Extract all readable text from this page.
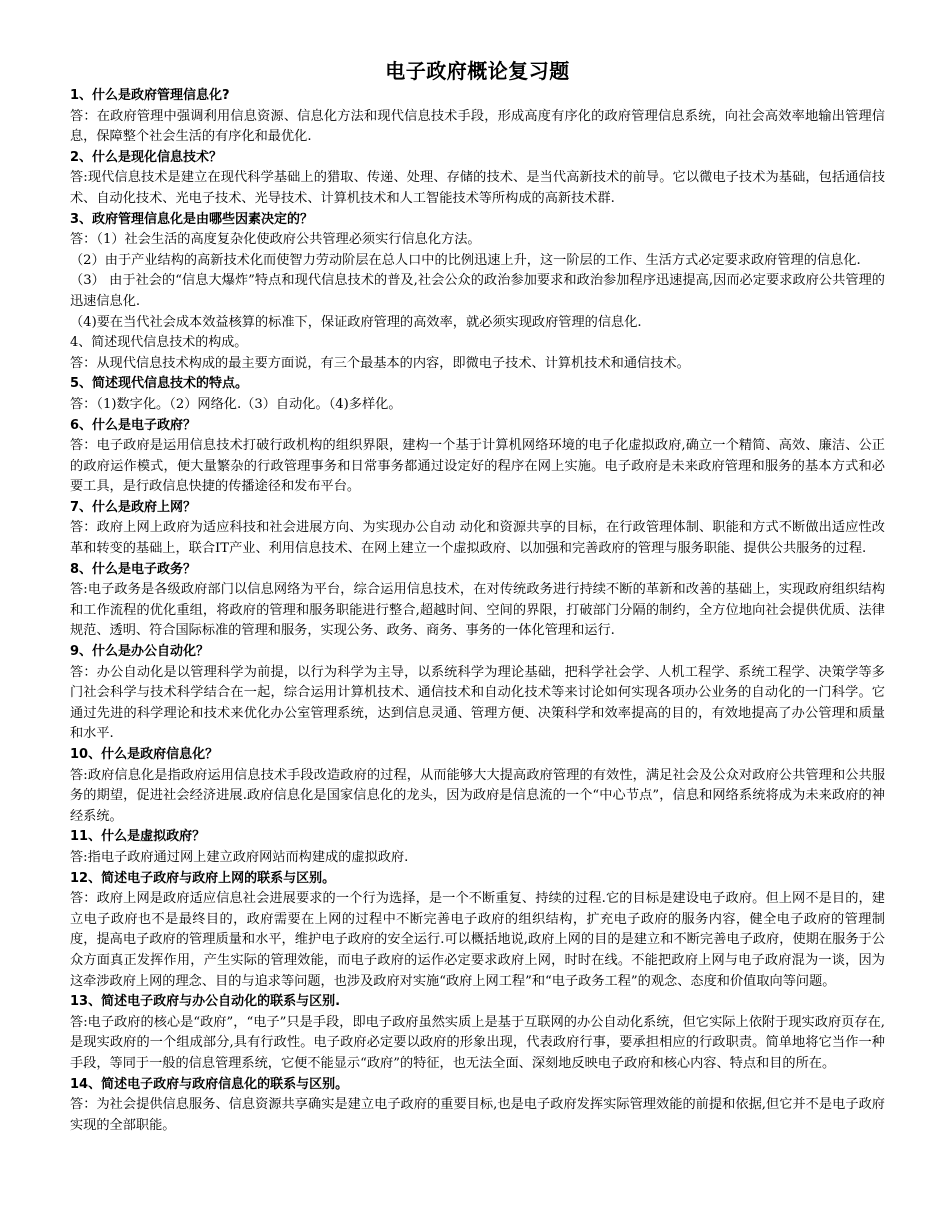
电子政府概论复习题
1、什么是政府管理信息化?
答：在政府管理中强调利用信息资源、信息化方法和现代信息技术手段，形成高度有序化的政府管理信息系统，向社会高效率地输出管理信息，保障整个社会生活的有序化和最优化.
2、什么是现化信息技术？
答:现代信息技术是建立在现代科学基础上的猎取、传递、处理、存储的技术、是当代高新技术的前导。它以微电子技术为基础，包括通信技术、自动化技术、光电子技术、光导技术、计算机技术和人工智能技术等所构成的高新技术群.
3、政府管理信息化是由哪些因素决定的？
答：（1）社会生活的高度复杂化使政府公共管理必须实行信息化方法。
（2）由于产业结构的高新技术化而使智力劳动阶层在总人口中的比例迅速上升，这一阶层的工作、生活方式必定要求政府管理的信息化.
（3） 由于社会的“信息大爆炸”特点和现代信息技术的普及,社会公众的政治参加要求和政治参加程序迅速提高,因而必定要求政府公共管理的迅速信息化.
（4)要在当代社会成本效益核算的标准下，保证政府管理的高效率，就必须实现政府管理的信息化.
4、简述现代信息技术的构成。
答：从现代信息技术构成的最主要方面说，有三个最基本的内容，即微电子技术、计算机技术和通信技术。
5、简述现代信息技术的特点。
答：（1)数字化。（2）网络化.（3）自动化。（4)多样化。
6、什么是电子政府？
答：电子政府是运用信息技术打破行政机构的组织界限，建构一个基于计算机网络环境的电子化虚拟政府,确立一个精简、高效、廉洁、公正的政府运作模式，便大量繁杂的行政管理事务和日常事务都通过设定好的程序在网上实施。电子政府是未来政府管理和服务的基本方式和必要工具，是行政信息快捷的传播途径和发布平台。
7、什么是政府上网？
答：政府上网上政府为适应科技和社会进展方向、为实现办公自动 动化和资源共享的目标，在行政管理体制、职能和方式不断做出适应性改革和转变的基础上，联合IT产业、利用信息技术、在网上建立一个虚拟政府、以加强和完善政府的管理与服务职能、提供公共服务的过程.
8、什么是电子政务？
答:电子政务是各级政府部门以信息网络为平台，综合运用信息技术，在对传统政务进行持续不断的革新和改善的基础上，实现政府组织结构和工作流程的优化重组，将政府的管理和服务职能进行整合,超越时间、空间的界限，打破部门分隔的制约，全方位地向社会提供优质、法律规范、透明、符合国际标准的管理和服务，实现公务、政务、商务、事务的一体化管理和运行.
9、什么是办公自动化？
答：办公自动化是以管理科学为前提，以行为科学为主导，以系统科学为理论基础，把科学社会学、人机工程学、系统工程学、决策学等多门社会科学与技术科学结合在一起，综合运用计算机技术、通信技术和自动化技术等来讨论如何实现各项办公业务的自动化的一门科学。它通过先进的科学理论和技术来优化办公室管理系统，达到信息灵通、管理方便、决策科学和效率提高的目的，有效地提高了办公管理和质量和水平.
10、什么是政府信息化？
答:政府信息化是指政府运用信息技术手段改造政府的过程，从而能够大大提高政府管理的有效性，满足社会及公众对政府公共管理和公共服务的期望，促进社会经济进展.政府信息化是国家信息化的龙头，因为政府是信息流的一个“中心节点”，信息和网络系统将成为未来政府的神经系统。
11、什么是虚拟政府？
答:指电子政府通过网上建立政府网站而构建成的虚拟政府.
12、简述电子政府与政府上网的联系与区别。
答：政府上网是政府适应信息社会进展要求的一个行为选择，是一个不断重复、持续的过程.它的目标是建设电子政府。但上网不是目的，建立电子政府也不是最终目的，政府需要在上网的过程中不断完善电子政府的组织结构，扩充电子政府的服务内容，健全电子政府的管理制度，提高电子政府的管理质量和水平，维护电子政府的安全运行.可以概括地说,政府上网的目的是建立和不断完善电子政府，使期在服务于公众方面真正发挥作用，产生实际的管理效能，而电子政府的运作必定要求政府上网，时时在线。不能把政府上网与电子政府混为一谈，因为这牵涉政府上网的理念、目的与追求等问题，也涉及政府对实施“政府上网工程”和“电子政务工程”的观念、态度和价值取向等问题。
13、简述电子政府与办公自动化的联系与区别.
答:电子政府的核心是“政府”，“电子”只是手段，即电子政府虽然实质上是基于互联网的办公自动化系统，但它实际上依附于现实政府页存在,是现实政府的一个组成部分,具有行政性。电子政府必定要以政府的形象出现，代表政府行事，要承担相应的行政职责。简单地将它当作一种手段，等同于一般的信息管理系统，它便不能显示“政府”的特征，也无法全面、深刻地反映电子政府和核心内容、特点和目的所在。
14、简述电子政府与政府信息化的联系与区别。
答：为社会提供信息服务、信息资源共享确实是建立电子政府的重要目标,也是电子政府发挥实际管理效能的前提和依据,但它并不是电子政府实现的全部职能。
